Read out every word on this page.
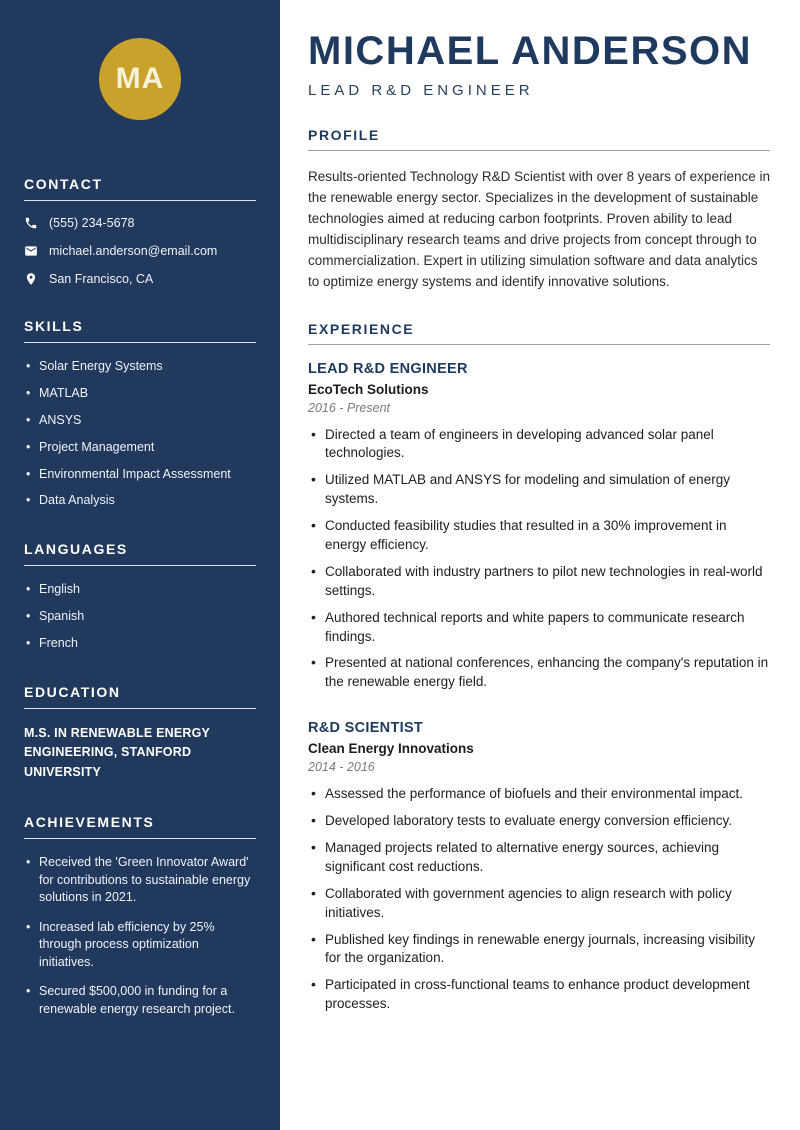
MA
CONTACT
(555) 234-5678
michael.anderson@email.com
San Francisco, CA
SKILLS
• Solar Energy Systems
• MATLAB
• ANSYS
• Project Management
• Environmental Impact Assessment
• Data Analysis
LANGUAGES
• English
• Spanish
• French
EDUCATION

M.S. IN RENEWABLE ENERGY ENGINEERING, STANFORD UNIVERSITY

ACHIEVEMENTS
• Received the 'Green Innovator Award' for contributions to sustainable energy solutions in 2021.
• Increased lab efficiency by 25% through process optimization initiatives.
• Secured $500,000 in funding for a renewable energy research project.
MICHAEL ANDERSON
LEAD R&D ENGINEER
PROFILE

Results-oriented Technology R&D Scientist with over 8 years of experience in the renewable energy sector. Specializes in the development of sustainable technologies aimed at reducing carbon footprints. Proven ability to lead multidisciplinary research teams and drive projects from concept through to commercialization. Expert in utilizing simulation software and data analytics to optimize energy systems and identify innovative solutions.

EXPERIENCE
LEAD R&D ENGINEER
EcoTech Solutions
2016 - Present
• Directed a team of engineers in developing advanced solar panel technologies.
• Utilized MATLAB and ANSYS for modeling and simulation of energy systems.
• Conducted feasibility studies that resulted in a 30% improvement in energy efficiency.
• Collaborated with industry partners to pilot new technologies in real-world settings.
• Authored technical reports and white papers to communicate research findings.
• Presented at national conferences, enhancing the company's reputation in the renewable energy field.
R&D SCIENTIST
Clean Energy Innovations
2014 - 2016
• Assessed the performance of biofuels and their environmental impact.
• Developed laboratory tests to evaluate energy conversion efficiency.
• Managed projects related to alternative energy sources, achieving significant cost reductions.
• Collaborated with government agencies to align research with policy initiatives.
• Published key findings in renewable energy journals, increasing visibility for the organization.
• Participated in cross-functional teams to enhance product development processes.
